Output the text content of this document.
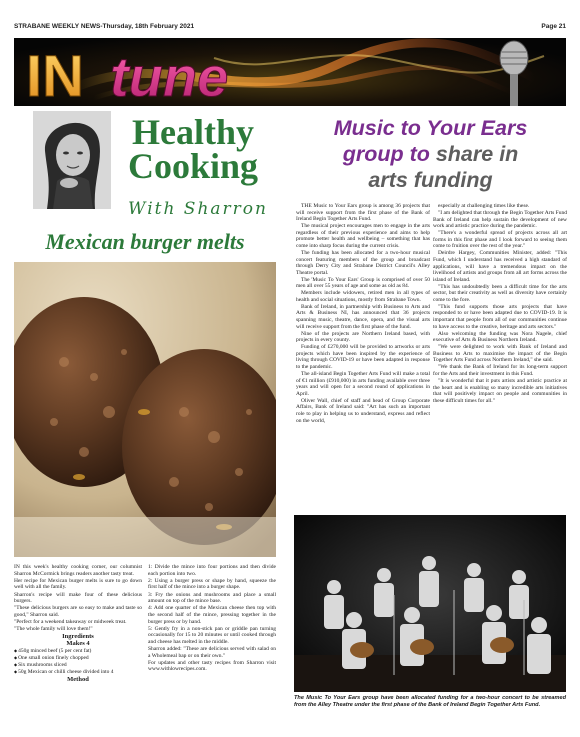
STRABANE WEEKLY NEWS-Thursday, 18th February 2021	Page 21
IN tune
Healthy Cooking
With Sharron
Mexican burger melts

IN this week's healthy cooking corner, our columnist Sharron McCormick brings readers another tasty treat.

Her recipe for Mexican burger melts is sure to go down well with all the family.

Sharron's recipe will make four of these delicious burgers.

"These delicious burgers are so easy to make and taste so good," Sharron said.

"Perfect for a weekend takeaway or midweek treat.

"The whole family will love them!"

Ingredients

Makes 4

◆ 450g minced beef (5 per cent fat)

◆ One small onion finely chopped

◆ Six mushrooms sliced

◆ 50g Mexican or chilli cheese divided into 4

Method

1: Divide the mince into four portions and then divide each portion into two.

2: Using a burger press or shape by hand, squeeze the first half of the mince into a burger shape.

3: Fry the onions and mushrooms and place a small amount on top of the mince base.

4: Add one quarter of the Mexican cheese then top with the second half of the mince, pressing together in the burger press or by hand.

5: Gently fry in a non-stick pan or griddle pan turning occasionally for 15 to 20 minutes or until cooked through and cheese has melted in the middle.

Sharron added: "These are delicious served with salad on a Wholemeal bap or on their own."

For updates and other tasty recipes from Sharron visit www.withlowrecipes.com.

Music to Your Ears
group to share in
arts funding

THE Music to Your Ears group is among 36 projects that will receive support from the first phase of the Bank of Ireland Begin Together Arts Fund.

The musical project encourages men to engage in the arts regardless of their previous experience and aims to help promote better health and wellbeing – something that has come into sharp focus during the current crisis.

The funding has been allocated for a two-hour musical concert featuring members of the group and broadcast through Derry City and Strabane District Council's Alley Theatre portal.

The 'Music To Your Ears' Group is comprised of over 50 men all over 55 years of age and some as old as 84.

Members include widowers, retired men in all types of health and social situations, mostly from Strabane Town.

Bank of Ireland, in partnership with Business to Arts and Arts & Business NI, has announced that 36 projects spanning music, theatre, dance, opera, and the visual arts will receive support from the first phase of the fund.

Nine of the projects are Northern Ireland based, with projects in every county.

Funding of £270,000 will be provided to artworks or arts projects which have been inspired by the experience of living through COVID-19 or have been adapted in response to the pandemic.

The all-island Begin Together Arts Fund will make a total of €1 million (£910,000) in arts funding available over three years and will open for a second round of applications in April.

Oliver Wall, chief of staff and head of Group Corporate Affairs, Bank of Ireland said: "Art has such an important role to play in helping us to understand, express and reflect on the world,

especially at challenging times like these.

"I am delighted that through the Begin Together Arts Fund Bank of Ireland can help sustain the development of new work and artistic practice during the pandemic.

"There's a wonderful spread of projects across all art forms in this first phase and I look forward to seeing them come to fruition over the rest of the year."

Deirdre Hargey, Communities Minister, added: "This Fund, which I understand has received a high standard of applications, will have a tremendous impact on the livelihood of artists and groups from all art forms across the island of Ireland.

"This has undoubtedly been a difficult time for the arts sector, but their creativity as well as diversity have certainly come to the fore.

"This fund supports those arts projects that have responded to or have been adapted due to COVID-19. It is important that people from all of our communities continue to have access to the creative, heritage and arts sectors."

Also welcoming the funding was Nora Nagele, chief executive of Arts & Business Northern Ireland.

"We were delighted to work with Bank of Ireland and Business to Arts to maximise the impact of the Begin Together Arts Fund across Northern Ireland," she said.

"We thank the Bank of Ireland for its long-term support for the Arts and their investment in this Fund.

"It is wonderful that it puts artists and artistic practice at the heart and is enabling so many incredible arts initiatives that will positively impact on people and communities in these difficult times for all."

The Music To Your Ears group have been allocated funding for a two-hour concert to be streamed from the Alley Theatre under the first phase of the Bank of Ireland Begin Together Arts Fund.
